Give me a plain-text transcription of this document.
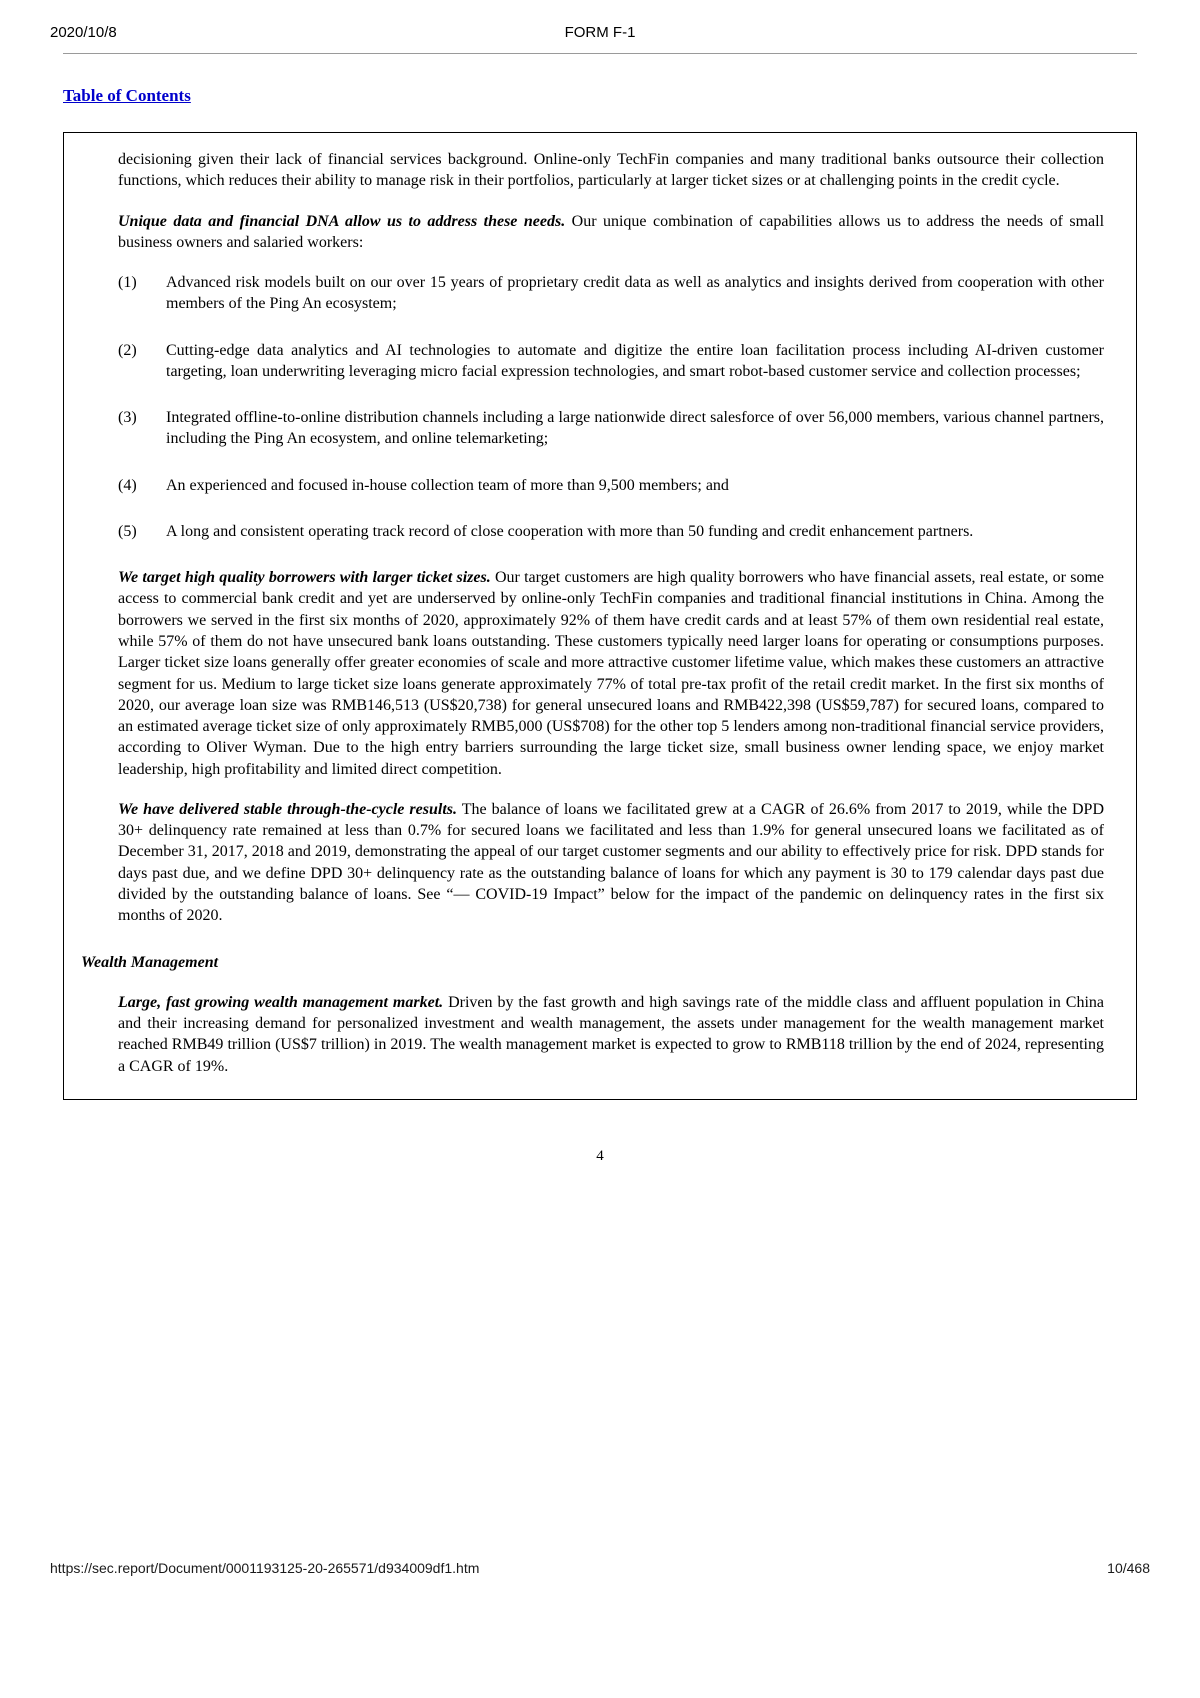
2020/10/8	FORM F-1
Table of Contents

decisioning given their lack of financial services background. Online-only TechFin companies and many traditional banks outsource their collection functions, which reduces their ability to manage risk in their portfolios, particularly at larger ticket sizes or at challenging points in the credit cycle.

Unique data and financial DNA allow us to address these needs. Our unique combination of capabilities allows us to address the needs of small business owners and salaried workers:

(1)	Advanced risk models built on our over 15 years of proprietary credit data as well as analytics and insights derived from cooperation with other members of the Ping An ecosystem;
(2)	Cutting-edge data analytics and AI technologies to automate and digitize the entire loan facilitation process including AI-driven customer targeting, loan underwriting leveraging micro facial expression technologies, and smart robot-based customer service and collection processes;
(3)	Integrated offline-to-online distribution channels including a large nationwide direct salesforce of over 56,000 members, various channel partners, including the Ping An ecosystem, and online telemarketing;
(4)	An experienced and focused in-house collection team of more than 9,500 members; and
(5)	A long and consistent operating track record of close cooperation with more than 50 funding and credit enhancement partners.

We target high quality borrowers with larger ticket sizes. Our target customers are high quality borrowers who have financial assets, real estate, or some access to commercial bank credit and yet are underserved by online-only TechFin companies and traditional financial institutions in China. Among the borrowers we served in the first six months of 2020, approximately 92% of them have credit cards and at least 57% of them own residential real estate, while 57% of them do not have unsecured bank loans outstanding. These customers typically need larger loans for operating or consumptions purposes. Larger ticket size loans generally offer greater economies of scale and more attractive customer lifetime value, which makes these customers an attractive segment for us. Medium to large ticket size loans generate approximately 77% of total pre-tax profit of the retail credit market. In the first six months of 2020, our average loan size was RMB146,513 (US$20,738) for general unsecured loans and RMB422,398 (US$59,787) for secured loans, compared to an estimated average ticket size of only approximately RMB5,000 (US$708) for the other top 5 lenders among non-traditional financial service providers, according to Oliver Wyman. Due to the high entry barriers surrounding the large ticket size, small business owner lending space, we enjoy market leadership, high profitability and limited direct competition.

We have delivered stable through-the-cycle results. The balance of loans we facilitated grew at a CAGR of 26.6% from 2017 to 2019, while the DPD 30+ delinquency rate remained at less than 0.7% for secured loans we facilitated and less than 1.9% for general unsecured loans we facilitated as of December 31, 2017, 2018 and 2019, demonstrating the appeal of our target customer segments and our ability to effectively price for risk. DPD stands for days past due, and we define DPD 30+ delinquency rate as the outstanding balance of loans for which any payment is 30 to 179 calendar days past due divided by the outstanding balance of loans. See “— COVID-19 Impact” below for the impact of the pandemic on delinquency rates in the first six months of 2020.

Wealth Management

Large, fast growing wealth management market. Driven by the fast growth and high savings rate of the middle class and affluent population in China and their increasing demand for personalized investment and wealth management, the assets under management for the wealth management market reached RMB49 trillion (US$7 trillion) in 2019. The wealth management market is expected to grow to RMB118 trillion by the end of 2024, representing a CAGR of 19%.

4
https://sec.report/Document/0001193125-20-265571/d934009df1.htm	10/468
